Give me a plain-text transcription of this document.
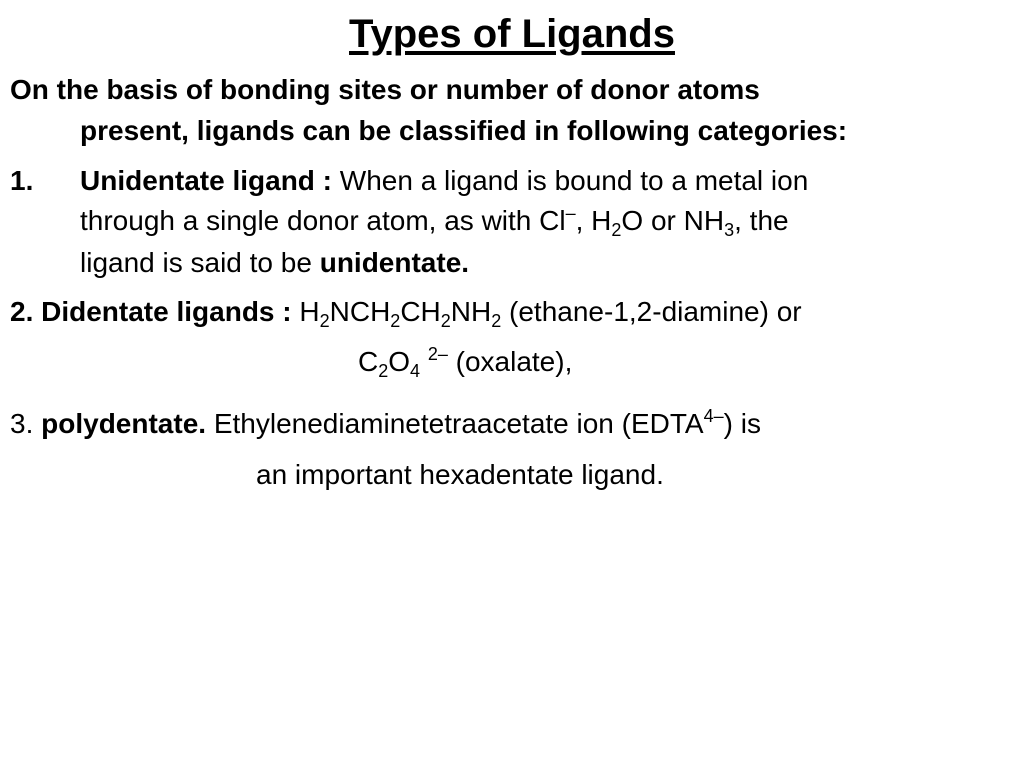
Types of Ligands
On the basis of bonding sites or number of donor atoms
present, ligands can be classified in following categories:
1. Unidentate ligand : When a ligand is bound to a metal ion
through a single donor atom, as with Cl–, $H_2O$ or $NH_3$, the
ligand is said to be unidentate.
2. Didentate ligands : $H_2NCH_2CH_2NH_2$ (ethane-1,2-diamine) or
$C_2O_4$ $^{2-}$ (oxalate),
3. polydentate. Ethylenediaminetetraacetate ion $(EDTA^{4-})$ is
an important hexadentate ligand.
